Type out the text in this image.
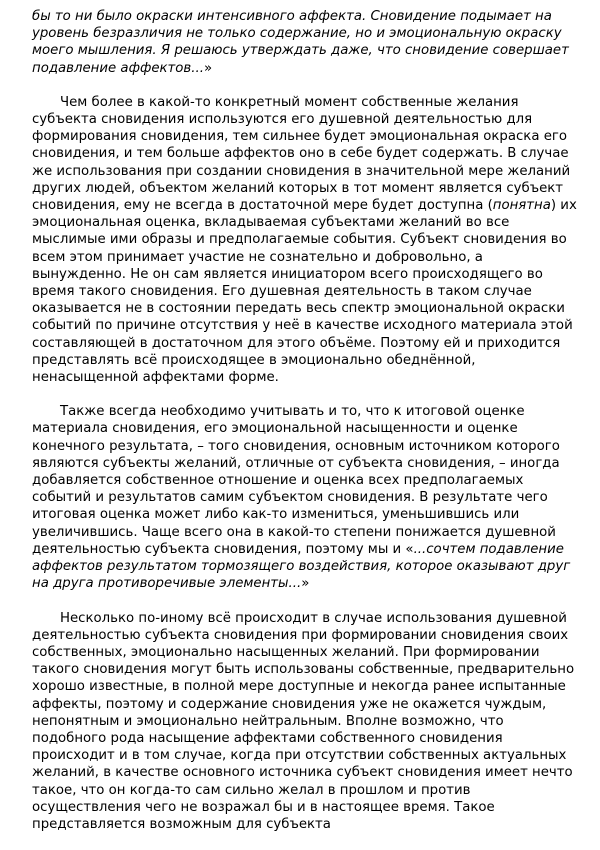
бы то ни было окраски интенсивного аффекта. Сновидение подымает на уровень безразличия не только содержание, но и эмоциональную окраску моего мышления. Я решаюсь утверждать даже, что сновидение совершает подавление аффектов...»

Чем более в какой-то конкретный момент собственные желания субъекта сновидения используются его душевной деятельностью для формирования сновидения, тем сильнее будет эмоциональная окраска его сновидения, и тем больше аффектов оно в себе будет содержать. В случае же использования при создании сновидения в значительной мере желаний других людей, объектом желаний которых в тот момент является субъект сновидения, ему не всегда в достаточной мере будет доступна (понятна) их эмоциональная оценка, вкладываемая субъектами желаний во все мыслимые ими образы и предполагаемые события. Субъект сновидения во всем этом принимает участие не сознательно и добровольно, а вынужденно. Не он сам является инициатором всего происходящего во время такого сновидения. Его душевная деятельность в таком случае оказывается не в состоянии передать весь спектр эмоциональной окраски событий по причине отсутствия у неё в качестве исходного материала этой составляющей в достаточном для этого объёме. Поэтому ей и приходится представлять всё происходящее в эмоционально обеднённой, ненасыщенной аффектами форме.

Также всегда необходимо учитывать и то, что к итоговой оценке материала сновидения, его эмоциональной насыщенности и оценке конечного результата, – того сновидения, основным источником которого являются субъекты желаний, отличные от субъекта сновидения, – иногда добавляется собственное отношение и оценка всех предполагаемых событий и результатов самим субъектом сновидения. В результате чего итоговая оценка может либо как-то измениться, уменьшившись или увеличившись. Чаще всего она в какой-то степени понижается душевной деятельностью субъекта сновидения, поэтому мы и «...сочтем подавление аффектов результатом тормозящего воздействия, которое оказывают друг на друга противоречивые элементы...»

Несколько по-иному всё происходит в случае использования душевной деятельностью субъекта сновидения при формировании сновидения своих собственных, эмоционально насыщенных желаний. При формировании такого сновидения могут быть использованы собственные, предварительно хорошо известные, в полной мере доступные и некогда ранее испытанные аффекты, поэтому и содержание сновидения уже не окажется чуждым, непонятным и эмоционально нейтральным. Вполне возможно, что подобного рода насыщение аффектами собственного сновидения происходит и в том случае, когда при отсутствии собственных актуальных желаний, в качестве основного источника субъект сновидения имеет нечто такое, что он когда-то сам сильно желал в прошлом и против осуществления чего не возражал бы и в настоящее время. Такое представляется возможным для субъекта
